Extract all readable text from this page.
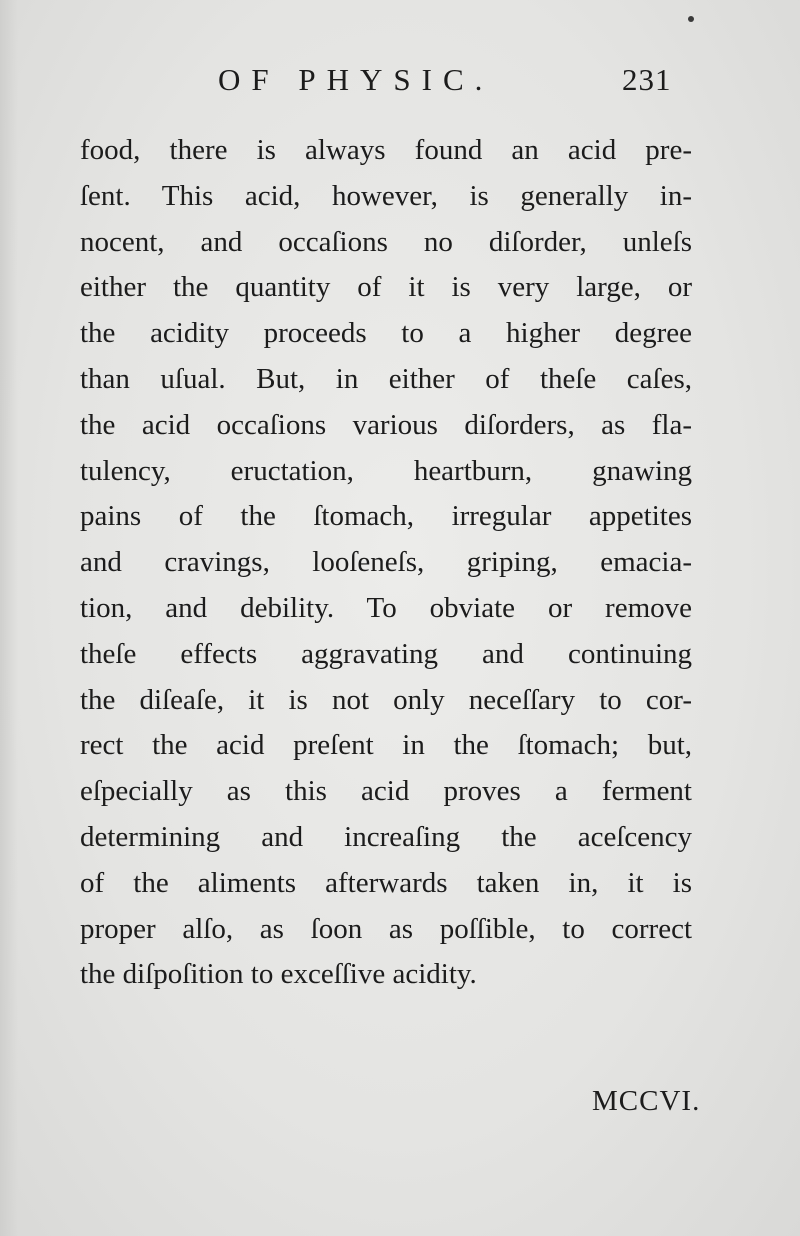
OF PHYSIC.	231
food, there is always found an acid pre-
ſent. This acid, however, is generally in-
nocent, and occaſions no diſorder, unleſs
either the quantity of it is very large, or
the acidity proceeds to a higher degree
than uſual. But, in either of theſe caſes,
the acid occaſions various diſorders, as fla-
tulency, eructation, heartburn, gnawing
pains of the ſtomach, irregular appetites
and cravings, looſeneſs, griping, emacia-
tion, and debility. To obviate or remove
theſe effects aggravating and continuing
the diſeaſe, it is not only neceſſary to cor-
rect the acid preſent in the ſtomach; but,
eſpecially as this acid proves a ferment
determining and increaſing the aceſcency
of the aliments afterwards taken in, it is
proper alſo, as ſoon as poſſible, to correct
the diſpoſition to exceſſive acidity.
MCCVI.
